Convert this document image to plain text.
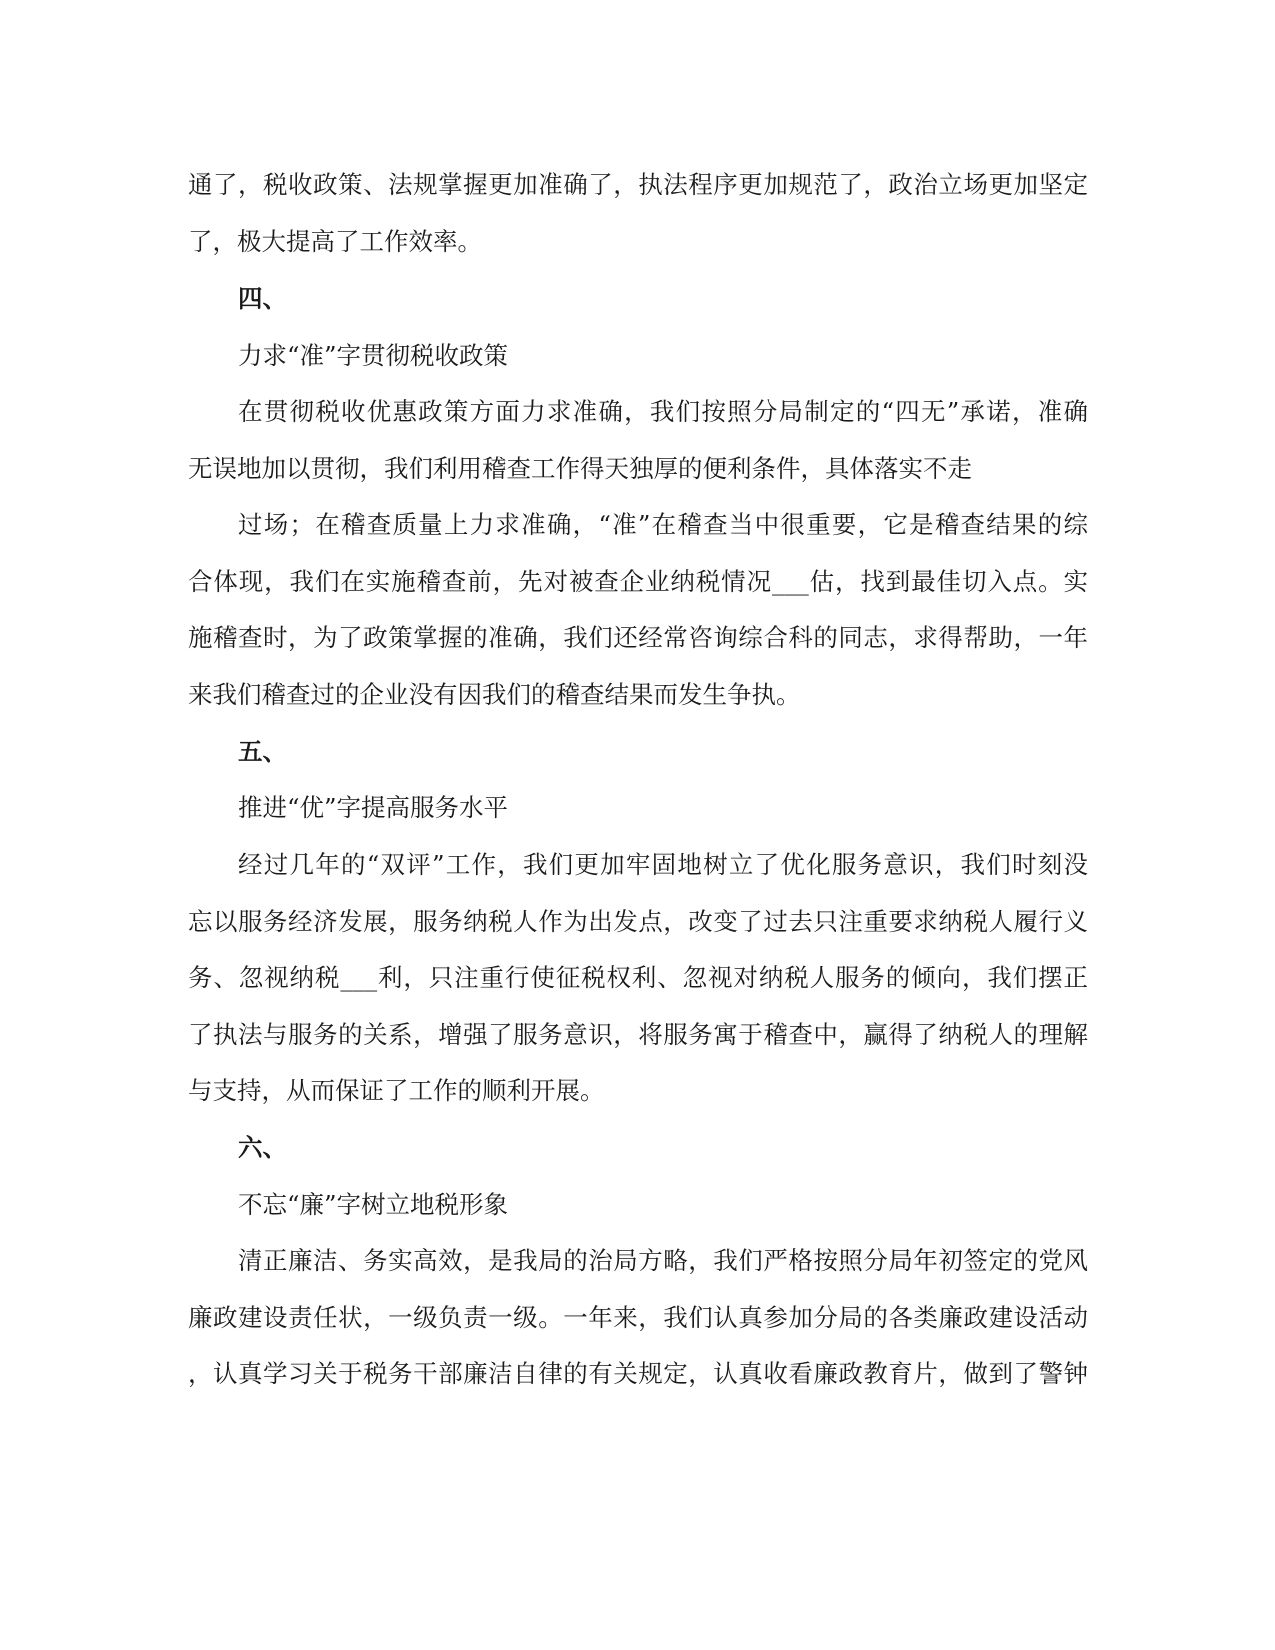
通了，税收政策、法规掌握更加准确了，执法程序更加规范了，政治立场更加坚定
了，极大提高了工作效率。
四、
力求“准”字贯彻税收政策
在贯彻税收优惠政策方面力求准确，我们按照分局制定的“四无”承诺，准确
无误地加以贯彻，我们利用稽查工作得天独厚的便利条件，具体落实不走
过场；在稽查质量上力求准确，“准”在稽查当中很重要，它是稽查结果的综
合体现，我们在实施稽查前，先对被查企业纳税情况___估，找到最佳切入点。实
施稽查时，为了政策掌握的准确，我们还经常咨询综合科的同志，求得帮助，一年
来我们稽查过的企业没有因我们的稽查结果而发生争执。
五、
推进“优”字提高服务水平
经过几年的“双评”工作，我们更加牢固地树立了优化服务意识，我们时刻没
忘以服务经济发展，服务纳税人作为出发点，改变了过去只注重要求纳税人履行义
务、忽视纳税___利，只注重行使征税权利、忽视对纳税人服务的倾向，我们摆正
了执法与服务的关系，增强了服务意识，将服务寓于稽查中，赢得了纳税人的理解
与支持，从而保证了工作的顺利开展。
六、
不忘“廉”字树立地税形象
清正廉洁、务实高效，是我局的治局方略，我们严格按照分局年初签定的党风
廉政建设责任状，一级负责一级。一年来，我们认真参加分局的各类廉政建设活动
，认真学习关于税务干部廉洁自律的有关规定，认真收看廉政教育片，做到了警钟
